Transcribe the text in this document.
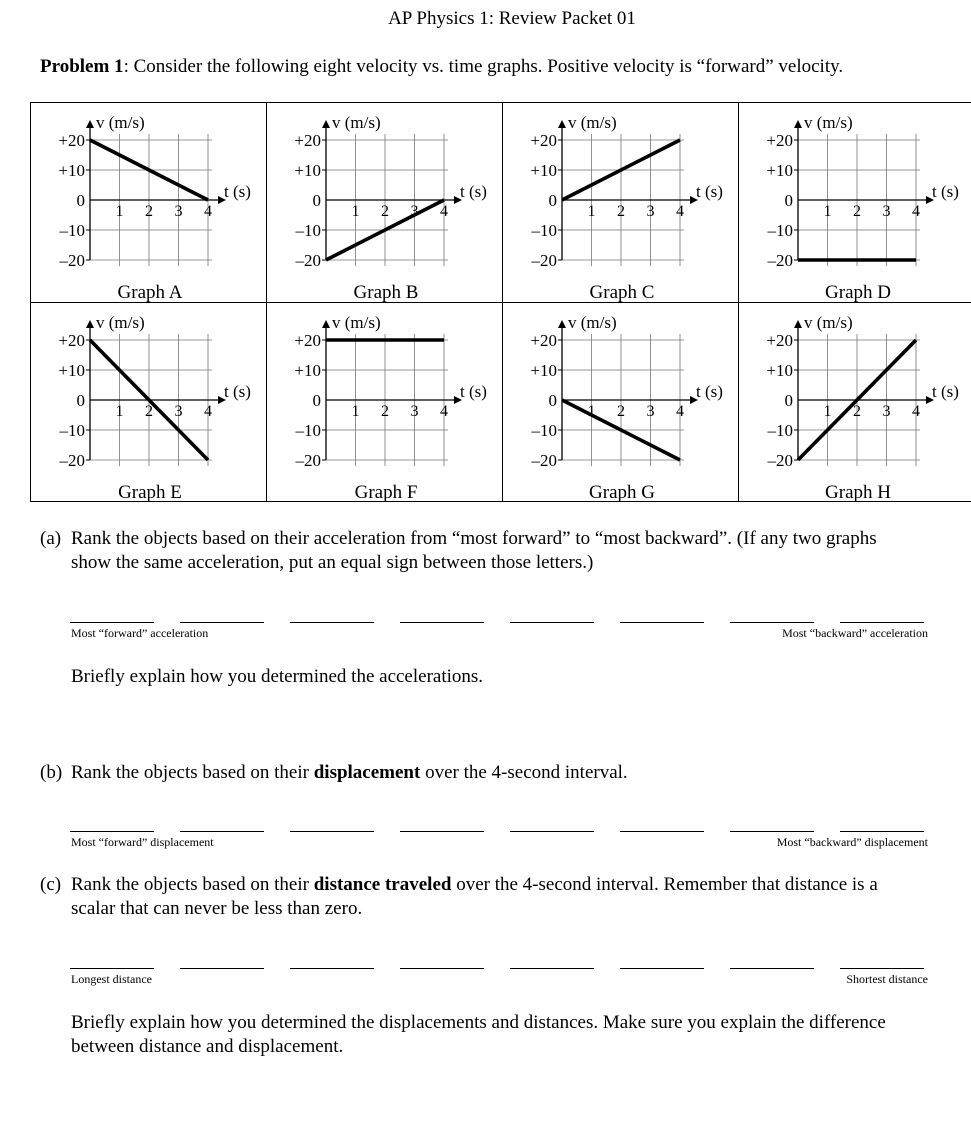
AP Physics 1: Review Packet 01
Problem 1: Consider the following eight velocity vs. time graphs. Positive velocity is “forward” velocity.
+20
+10
0
–10
–20
1 2 3 4
v (m/s)
t (s)
Graph A
+20
+10
0
–10
–20
1 2 3 4
v (m/s)
t (s)
Graph B
+20
+10
0
–10
–20
1 2 3 4
v (m/s)
t (s)
Graph C
+20
+10
0
–10
–20
1 2 3 4
v (m/s)
t (s)
Graph D
+20
+10
0
–10
–20
1 2 3 4
v (m/s)
t (s)
Graph E
+20
+10
0
–10
–20
1 2 3 4
v (m/s)
t (s)
Graph F
+20
+10
0
–10
–20
1 2 3 4
v (m/s)
t (s)
Graph G
+20
+10
0
–10
–20
1 2 3 4
v (m/s)
t (s)
Graph H
(a) Rank the objects based on their acceleration from “most forward” to “most backward”. (If any two graphs
show the same acceleration, put an equal sign between those letters.)
Most “forward” acceleration	Most “backward” acceleration
Briefly explain how you determined the accelerations.
(b) Rank the objects based on their displacement over the 4-second interval.
Most “forward” displacement	Most “backward” displacement
(c) Rank the objects based on their distance traveled over the 4-second interval. Remember that distance is a
scalar that can never be less than zero.
Longest distance	Shortest distance
Briefly explain how you determined the displacements and distances. Make sure you explain the difference
between distance and displacement.
